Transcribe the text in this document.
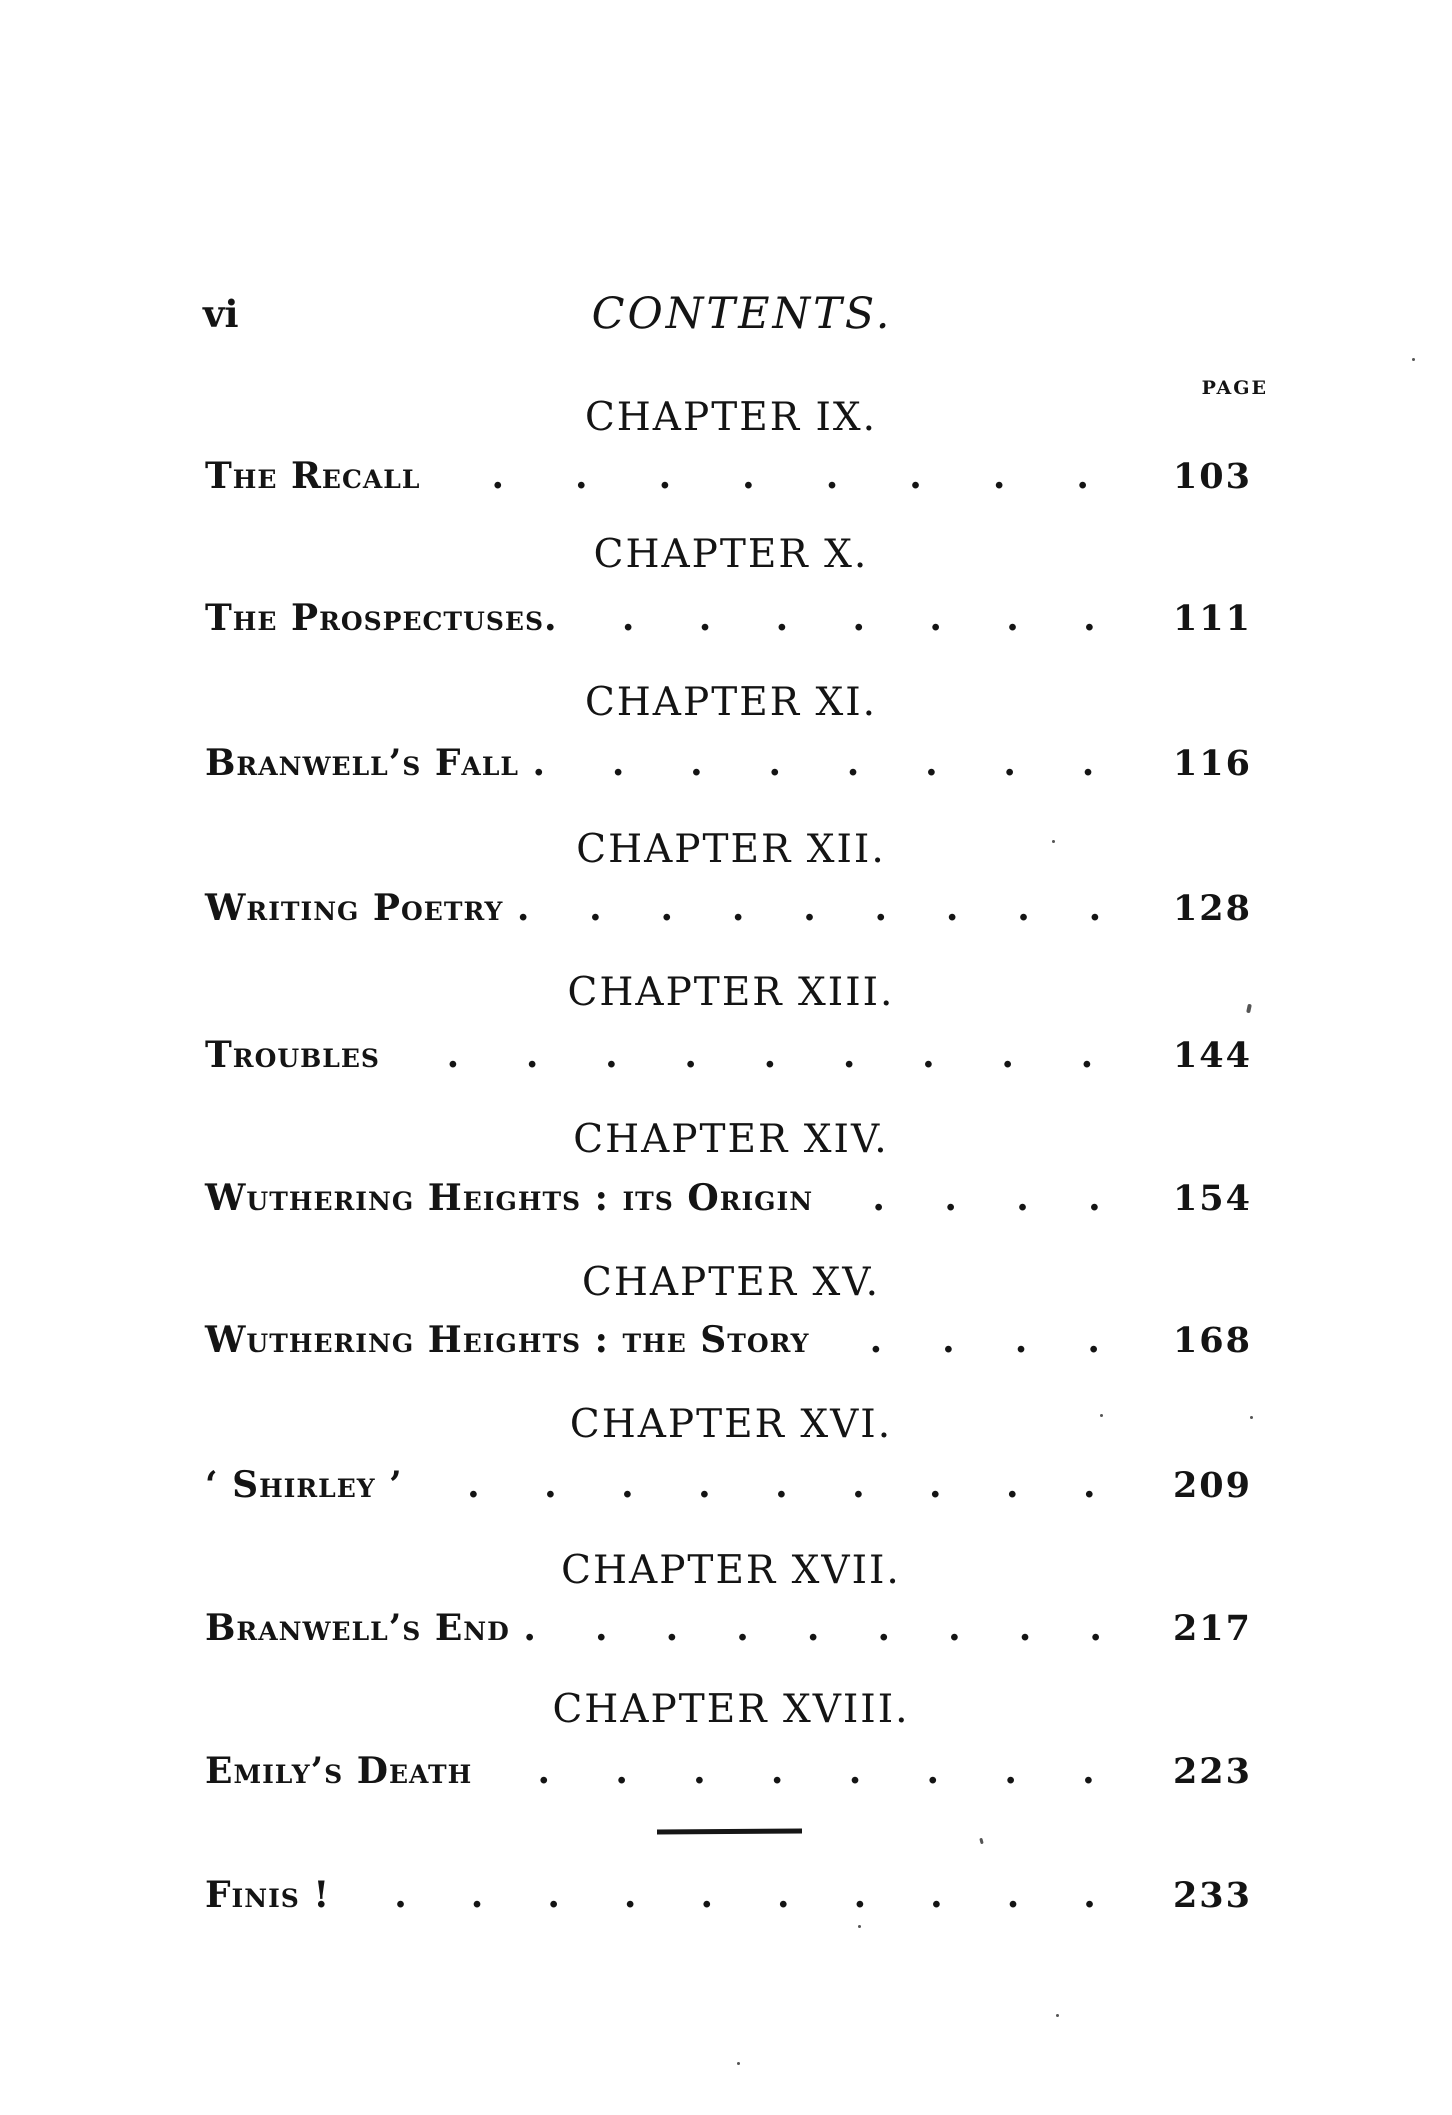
vi	CONTENTS.
PAGE
CHAPTER IX.
The Recall . . . . . . . .	103
CHAPTER X.
The Prospectuses. . . . . . . .	111
CHAPTER XI.
Branwell’s Fall . . . . . . . .	116
CHAPTER XII.
Writing Poetry . . . . . . . . .	128
CHAPTER XIII.
Troubles . . . . . . . . .	144
CHAPTER XIV.
Wuthering Heights : its Origin . . . .	154
CHAPTER XV.
Wuthering Heights : the Story . . . .	168
CHAPTER XVI.
‘ Shirley ’ . . . . . . . . .	209
CHAPTER XVII.
Branwell’s End . . . . . . . . .	217
CHAPTER XVIII.
Emily’s Death . . . . . . . .	223
Finis ! . . . . . . . . . .	233
